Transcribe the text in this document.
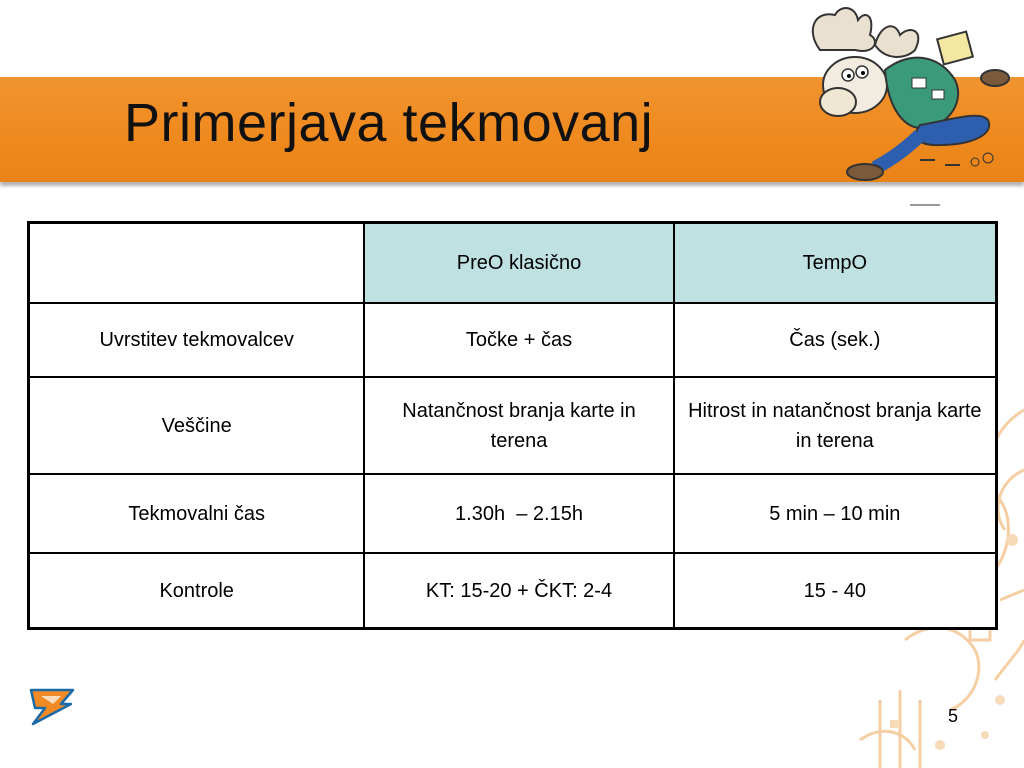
Primerjava tekmovanj
	PreO klasično	TempO
Uvrstitev tekmovalcev	Točke + čas	Čas (sek.)
Veščine	Natančnost branja karte in terena	Hitrost in natančnost branja karte in terena
Tekmovalni čas	1.30h  – 2.15h	5 min – 10 min
Kontrole	KT: 15-20 + ČKT: 2-4	15 - 40
5
